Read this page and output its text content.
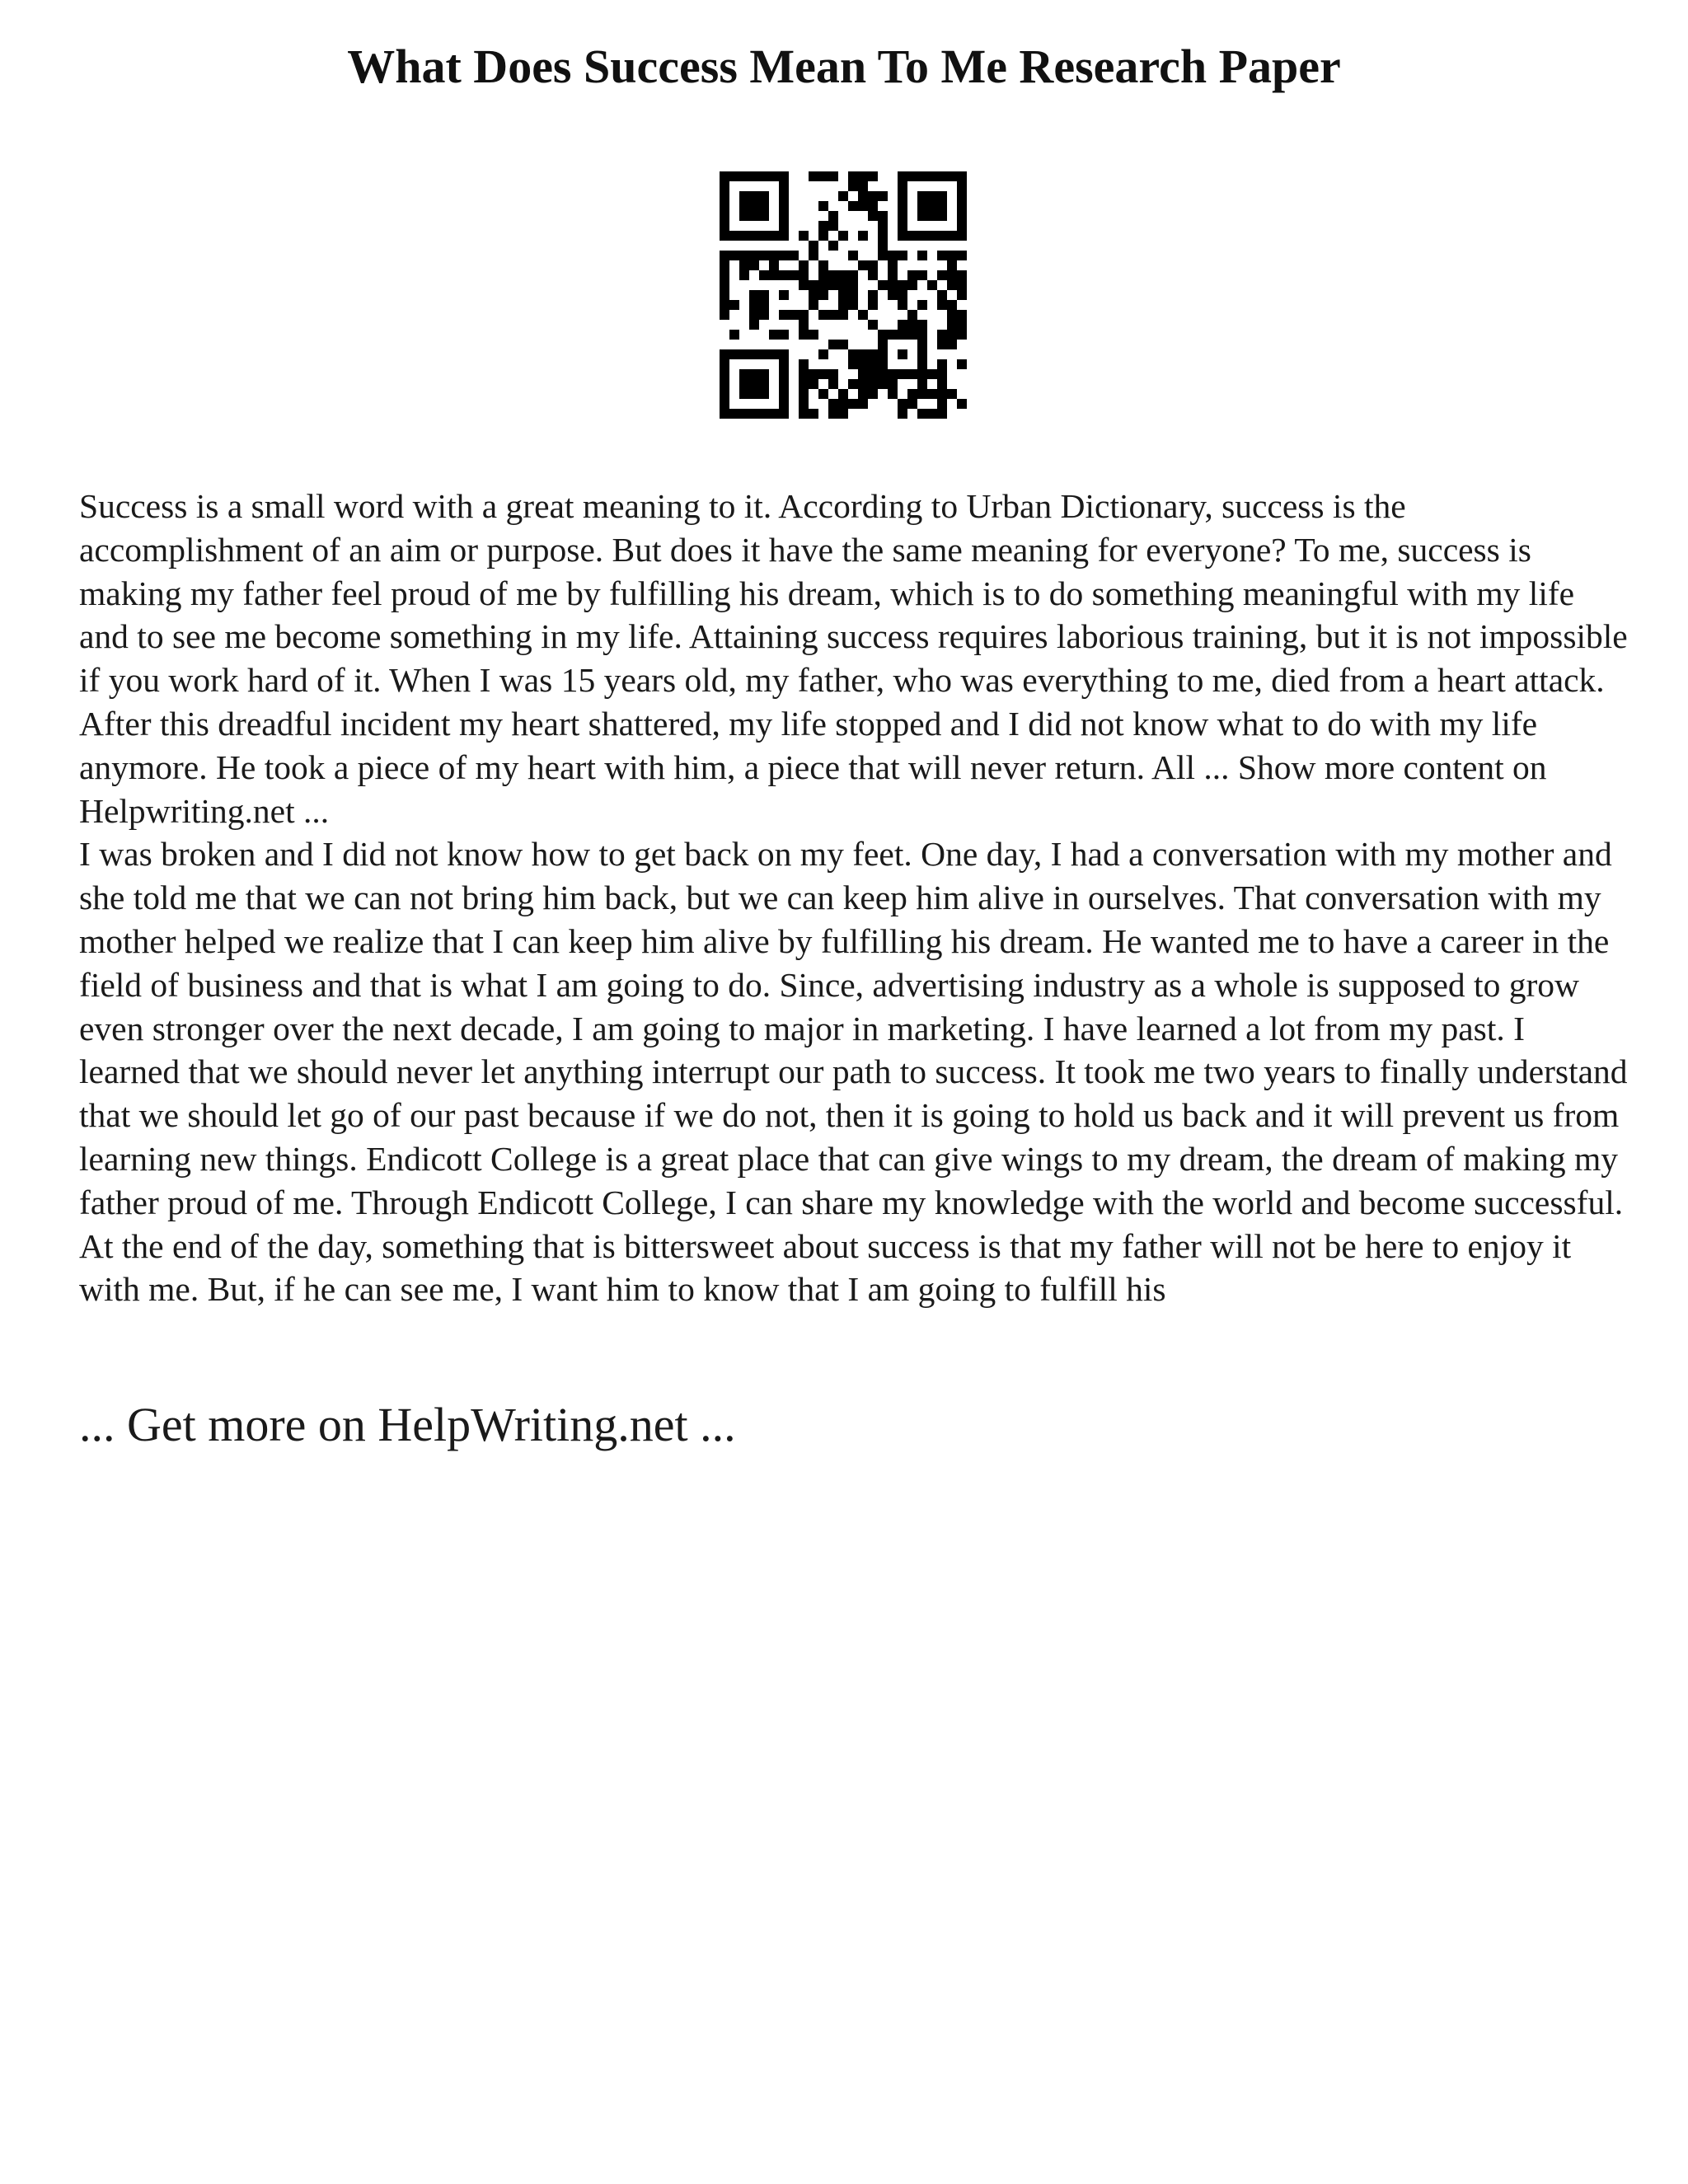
What Does Success Mean To Me Research Paper

Success is a small word with a great meaning to it. According to Urban Dictionary, success is the accomplishment of an aim or purpose. But does it have the same meaning for everyone? To me, success is making my father feel proud of me by fulfilling his dream, which is to do something meaningful with my life and to see me become something in my life. Attaining success requires laborious training, but it is not impossible if you work hard of it. When I was 15 years old, my father, who was everything to me, died from a heart attack. After this dreadful incident my heart shattered, my life stopped and I did not know what to do with my life anymore. He took a piece of my heart with him, a piece that will never return. All ... Show more content on Helpwriting.net ...

I was broken and I did not know how to get back on my feet. One day, I had a conversation with my mother and she told me that we can not bring him back, but we can keep him alive in ourselves. That conversation with my mother helped we realize that I can keep him alive by fulfilling his dream. He wanted me to have a career in the field of business and that is what I am going to do. Since, advertising industry as a whole is supposed to grow even stronger over the next decade, I am going to major in marketing. I have learned a lot from my past. I learned that we should never let anything interrupt our path to success. It took me two years to finally understand that we should let go of our past because if we do not, then it is going to hold us back and it will prevent us from learning new things. Endicott College is a great place that can give wings to my dream, the dream of making my father proud of me. Through Endicott College, I can share my knowledge with the world and become successful. At the end of the day, something that is bittersweet about success is that my father will not be here to enjoy it with me. But, if he can see me, I want him to know that I am going to fulfill his

... Get more on HelpWriting.net ...
